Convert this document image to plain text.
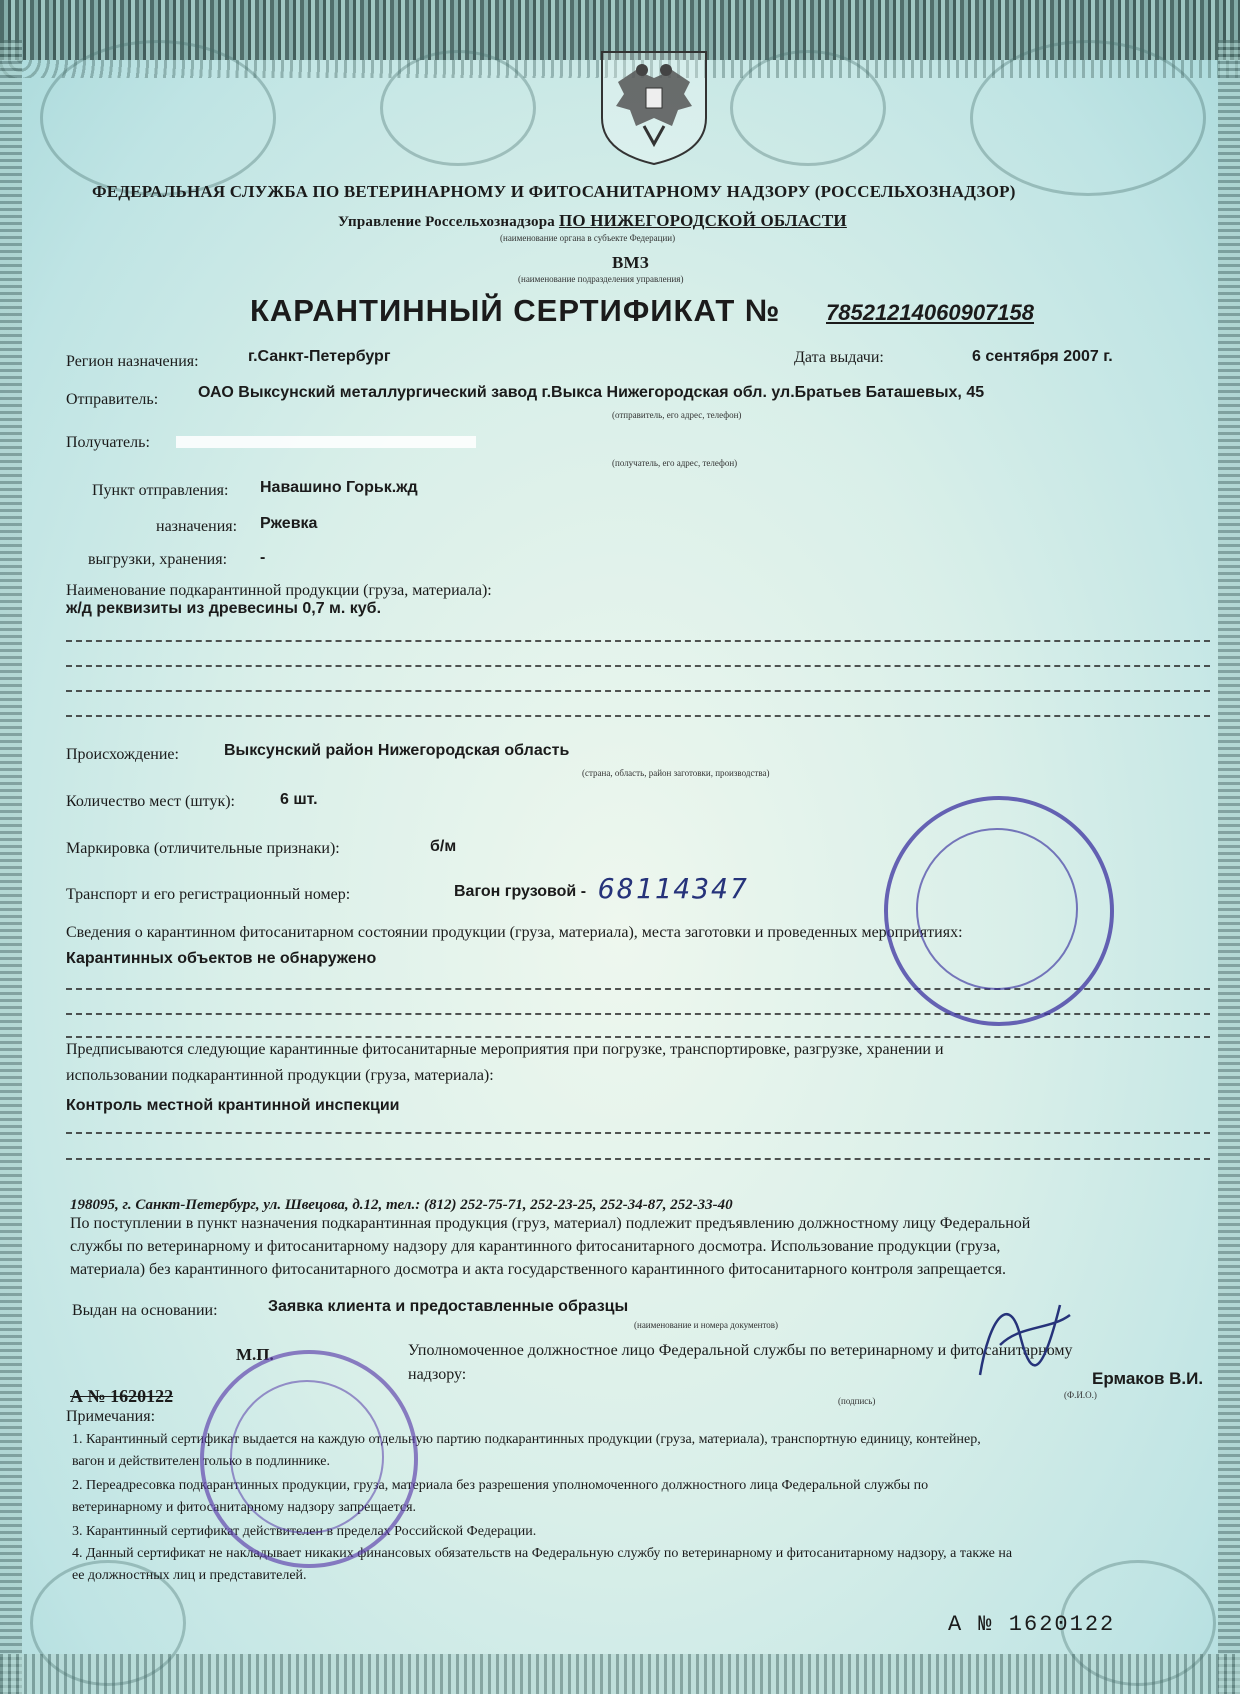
ФЕДЕРАЛЬНАЯ СЛУЖБА ПО ВЕТЕРИНАРНОМУ И ФИТОСАНИТАРНОМУ НАДЗОРУ (РОССЕЛЬХОЗНАДЗОР)
Управление Россельхознадзора ПО НИЖЕГОРОДСКОЙ ОБЛАСТИ
(наименование органа в субъекте Федерации)
ВМЗ
(наименование подразделения управления)
КАРАНТИННЫЙ СЕРТИФИКАТ № 78521214060907158
Регион назначения:	г.Санкт-Петербург	Дата выдачи:	6 сентября 2007 г.
Отправитель: ОАО Выксунский металлургический завод г.Выкса Нижегородская обл. ул.Братьев Баташевых, 45
(отправитель, его адрес, телефон)
Получатель:
(получатель, его адрес, телефон)
Пункт отправления: Навашино Горьк.жд
назначения: Ржевка
выгрузки, хранения: -
Наименование подкарантинной продукции (груза, материала):
ж/д реквизиты из древесины 0,7 м. куб.
Происхождение:	Выксунский район Нижегородская область
(страна, область, район заготовки, производства)
Количество мест (штук):	6 шт.
Маркировка (отличительные признаки):	б/м
Транспорт и его регистрационный номер:	Вагон грузовой - 68114347
Сведения о карантинном фитосанитарном состоянии продукции (груза, материала), места заготовки и проведенных мероприятиях:
Карантинных объектов не обнаружено
Предписываются следующие карантинные фитосанитарные мероприятия при погрузке, транспортировке, разгрузке, хранении и
использовании подкарантинной продукции (груза, материала):
Контроль местной крантинной инспекции
198095, г. Санкт-Петербург, ул. Швецова, д.12, тел.: (812) 252-75-71, 252-23-25, 252-34-87, 252-33-40
По поступлении в пункт назначения подкарантинная продукция (груз, материал) подлежит предъявлению должностному лицу Федеральной
службы по ветеринарному и фитосанитарному надзору для карантинного фитосанитарного досмотра. Использование продукции (груза,
материала) без карантинного фитосанитарного досмотра и акта государственного карантинного фитосанитарного контроля запрещается.
Выдан на основании:	Заявка клиента и предоставленные образцы
(наименование и номера документов)
М.П.
А № 1620122
Уполномоченное должностное лицо Федеральной службы по ветеринарному и фитосанитарному
надзору:	Ермаков В.И.
(подпись)
(Ф.И.О.)
Примечания:
1. Карантинный сертификат выдается на каждую отдельную партию подкарантинных продукции (груза, материала), транспортную единицу, контейнер,
вагон и действителен только в подлиннике.
2. Переадресовка подкарантинных продукции, груза, материала без разрешения уполномоченного должностного лица Федеральной службы по
ветеринарному и фитосанитарному надзору запрещается.
3. Карантинный сертификат действителен в пределах Российской Федерации.
4. Данный сертификат не накладывает никаких финансовых обязательств на Федеральную службу по ветеринарному и фитосанитарному надзору, а также на
ее должностных лиц и представителей.
А № 1620122
